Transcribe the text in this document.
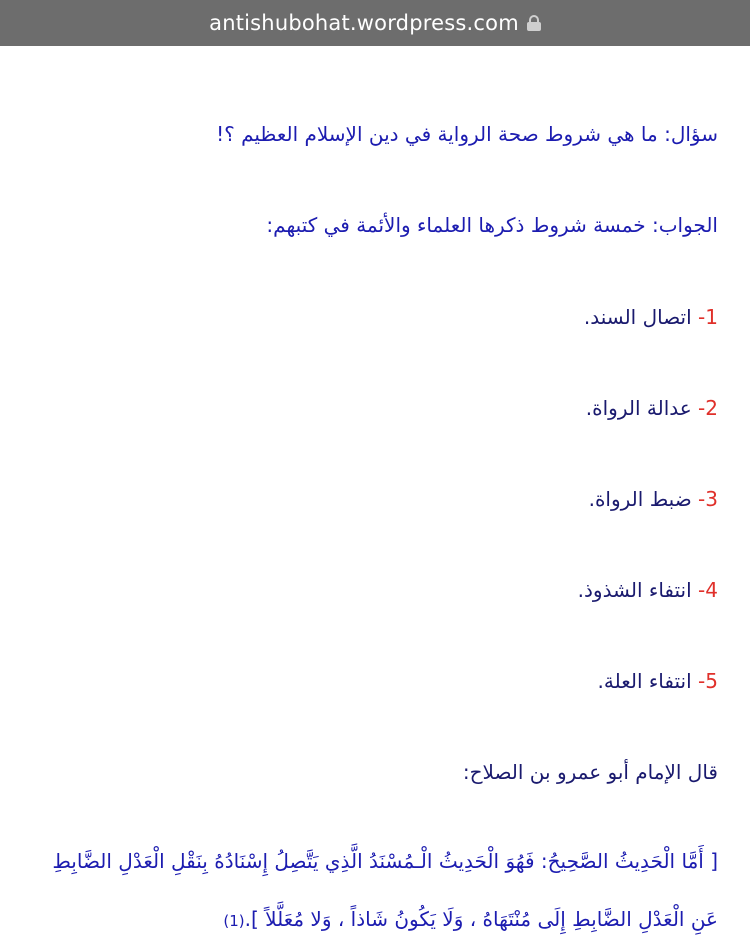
antishubohat.wordpress.com
سؤال: ما هي شروط صحة الرواية في دين الإسلام العظيم ؟!
الجواب: خمسة شروط ذكرها العلماء والأئمة في كتبهم:
1- اتصال السند.
2- عدالة الرواة.
3- ضبط الرواة.
4- انتفاء الشذوذ.
5- انتفاء العلة.
قال الإمام أبو عمرو بن الصلاح:
[ أَمَّا الْحَدِيثُ الصَّحِيحُ: فَهُوَ الْحَدِيثُ الْـمُسْنَدُ الَّذِي يَتَّصِلُ إِسْنَادُهُ بِنَقْلِ الْعَدْلِ الضَّابِطِ عَنِ الْعَدْلِ الضَّابِطِ إِلَى مُنْتَهَاهُ ، وَلَا يَكُونُ شَاذاً ، وَلا مُعَلَّلاً ].(1)
